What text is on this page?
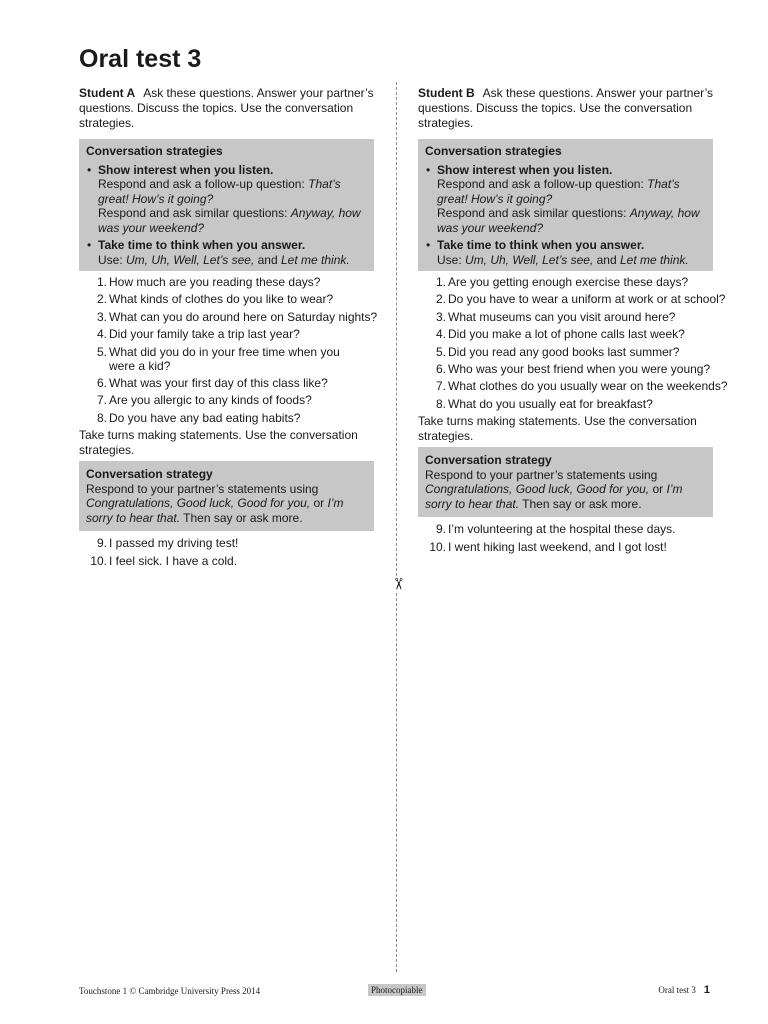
Oral test 3
✂
Student A Ask these questions. Answer your partner’s questions. Discuss the topics. Use the conversation strategies.
Conversation strategies
• Show interest when you listen.
Respond and ask a follow-up question: That’s great! How’s it going?
Respond and ask similar questions: Anyway, how was your weekend?
• Take time to think when you answer.
Use: Um, Uh, Well, Let’s see, and Let me think.
1. How much are you reading these days?
2. What kinds of clothes do you like to wear?
3. What can you do around here on Saturday nights?
4. Did your family take a trip last year?
5. What did you do in your free time when you
were a kid?
6. What was your first day of this class like?
7. Are you allergic to any kinds of foods?
8. Do you have any bad eating habits?
Take turns making statements. Use the conversation strategies.
Conversation strategy
Respond to your partner’s statements using Congratulations, Good luck, Good for you, or I’m sorry to hear that. Then say or ask more.
9. I passed my driving test!
10. I feel sick. I have a cold.
Student B Ask these questions. Answer your partner’s questions. Discuss the topics. Use the conversation strategies.
Conversation strategies
• Show interest when you listen.
Respond and ask a follow-up question: That’s great! How’s it going?
Respond and ask similar questions: Anyway, how was your weekend?
• Take time to think when you answer.
Use: Um, Uh, Well, Let’s see, and Let me think.
1. Are you getting enough exercise these days?
2. Do you have to wear a uniform at work or at school?
3. What museums can you visit around here?
4. Did you make a lot of phone calls last week?
5. Did you read any good books last summer?
6. Who was your best friend when you were young?
7. What clothes do you usually wear on the weekends?
8. What do you usually eat for breakfast?
Take turns making statements. Use the conversation strategies.
Conversation strategy
Respond to your partner’s statements using Congratulations, Good luck, Good for you, or I’m sorry to hear that. Then say or ask more.
9. I’m volunteering at the hospital these days.
10. I went hiking last weekend, and I got lost!
Touchstone 1 © Cambridge University Press 2014	Photocopiable	Oral test 3 1
